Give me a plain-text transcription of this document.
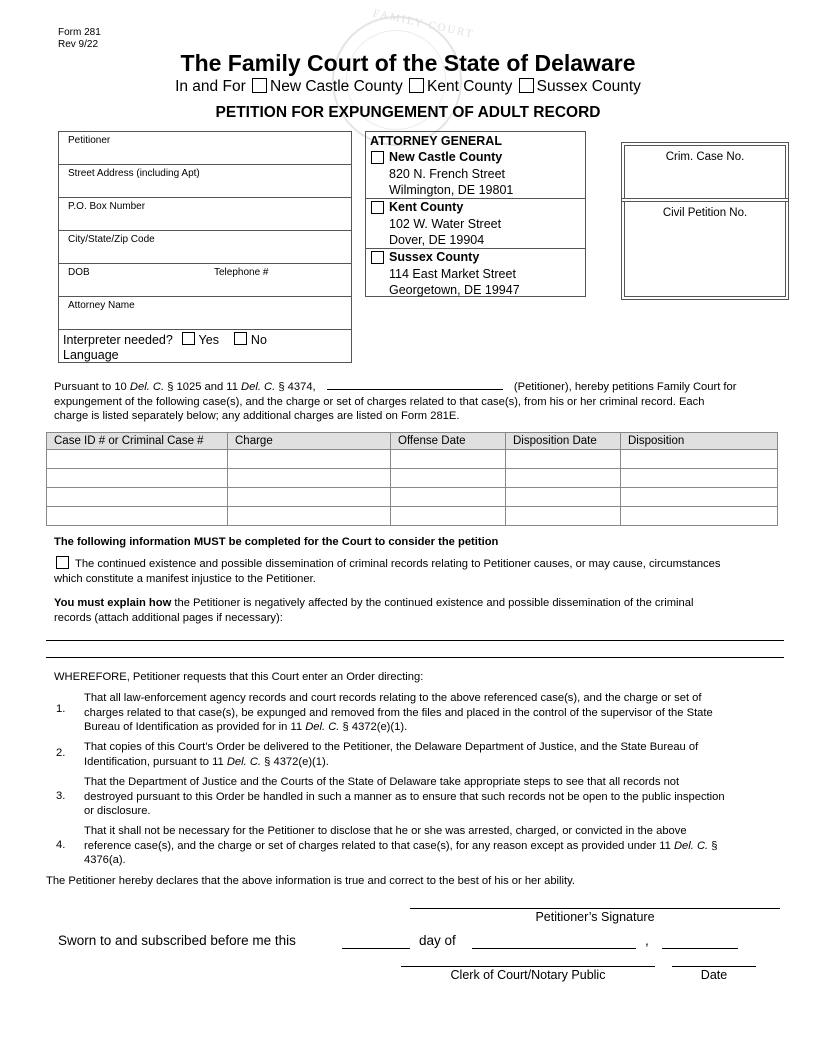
Form 281
Rev 9/22
FAMILY COURT
The Family Court of the State of Delaware
In and For New Castle County Kent County Sussex County
PETITION FOR EXPUNGEMENT OF ADULT RECORD
Petitioner
Street Address (including Apt)
P.O. Box Number
City/State/Zip Code
DOB	Telephone #
Attorney Name
Interpreter needed? Yes	No
Language
ATTORNEY GENERAL
New Castle County
820 N. French Street
Wilmington, DE 19801
Kent County
102 W. Water Street
Dover, DE 19904
Sussex County
114 East Market Street
Georgetown, DE 19947
Crim. Case No.
Civil Petition No.
Pursuant to 10 Del. C. § 1025 and 11 Del. C. § 4374,	(Petitioner), hereby petitions Family Court for
expungement of the following case(s), and the charge or set of charges related to that case(s), from his or her criminal record. Each
charge is listed separately below; any additional charges are listed on Form 281E.
Case ID # or Criminal Case #	Charge	Offense Date	Disposition Date	Disposition

The following information MUST be completed for the Court to consider the petition
The continued existence and possible dissemination of criminal records relating to Petitioner causes, or may cause, circumstances
which constitute a manifest injustice to the Petitioner.
You must explain how the Petitioner is negatively affected by the continued existence and possible dissemination of the criminal
records (attach additional pages if necessary):
WHEREFORE, Petitioner requests that this Court enter an Order directing:
1.
That all law-enforcement agency records and court records relating to the above referenced case(s), and the charge or set of
charges related to that case(s), be expunged and removed from the files and placed in the control of the supervisor of the State
Bureau of Identification as provided for in 11 Del. C. § 4372(e)(1).
2. That copies of this Court’s Order be delivered to the Petitioner, the Delaware Department of Justice, and the State Bureau of
Identification, pursuant to 11 Del. C. § 4372(e)(1).
3.
That the Department of Justice and the Courts of the State of Delaware take appropriate steps to see that all records not
destroyed pursuant to this Order be handled in such a manner as to ensure that such records not be open to the public inspection
or disclosure.
4.
That it shall not be necessary for the Petitioner to disclose that he or she was arrested, charged, or convicted in the above
reference case(s), and the charge or set of charges related to that case(s), for any reason except as provided under 11 Del. C. §
4376(a).
The Petitioner hereby declares that the above information is true and correct to the best of his or her ability.
Petitioner’s Signature
Sworn to and subscribed before me this	day of	,
Clerk of Court/Notary Public	Date
